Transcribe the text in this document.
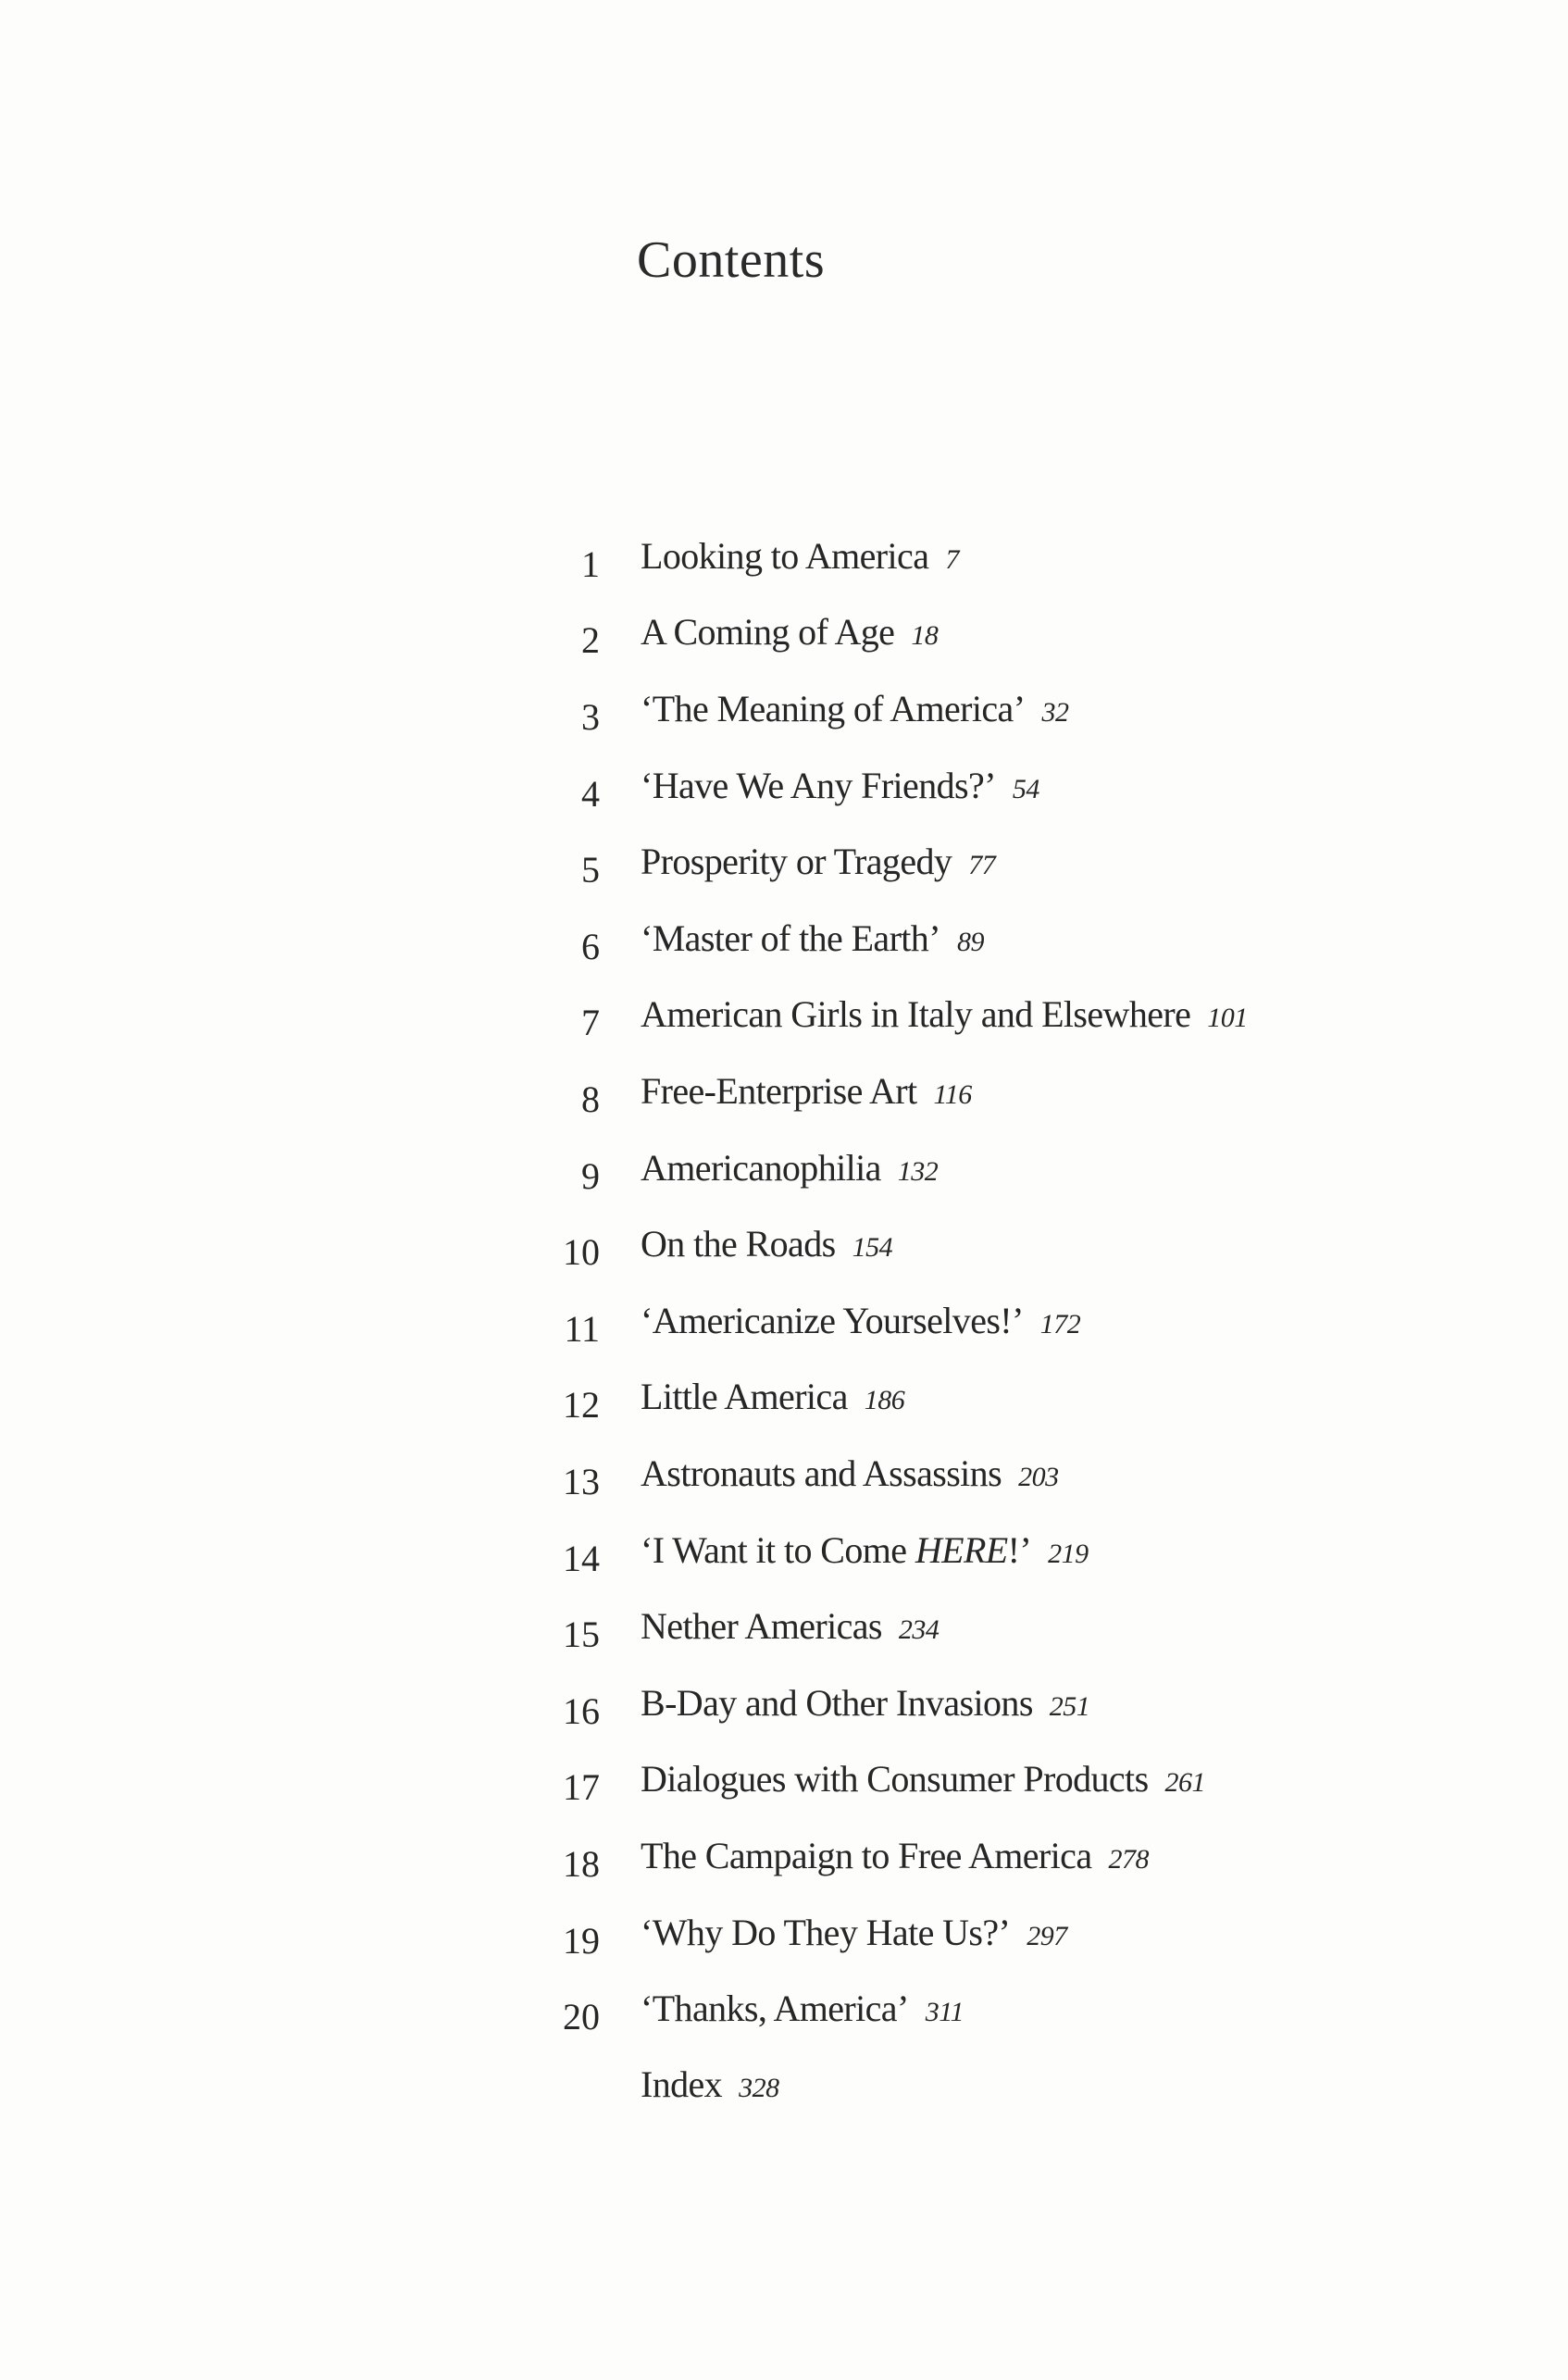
Contents
1 Looking to America 7
2 A Coming of Age 18
3 ‘The Meaning of America’ 32
4 ‘Have We Any Friends?’ 54
5 Prosperity or Tragedy 77
6 ‘Master of the Earth’ 89
7 American Girls in Italy and Elsewhere 101
8 Free-Enterprise Art 116
9 Americanophilia 132
10 On the Roads 154
11 ‘Americanize Yourselves!’ 172
12 Little America 186
13 Astronauts and Assassins 203
14 ‘I Want it to Come HERE!’ 219
15 Nether Americas 234
16 B-Day and Other Invasions 251
17 Dialogues with Consumer Products 261
18 The Campaign to Free America 278
19 ‘Why Do They Hate Us?’ 297
20 ‘Thanks, America’ 311
Index 328
